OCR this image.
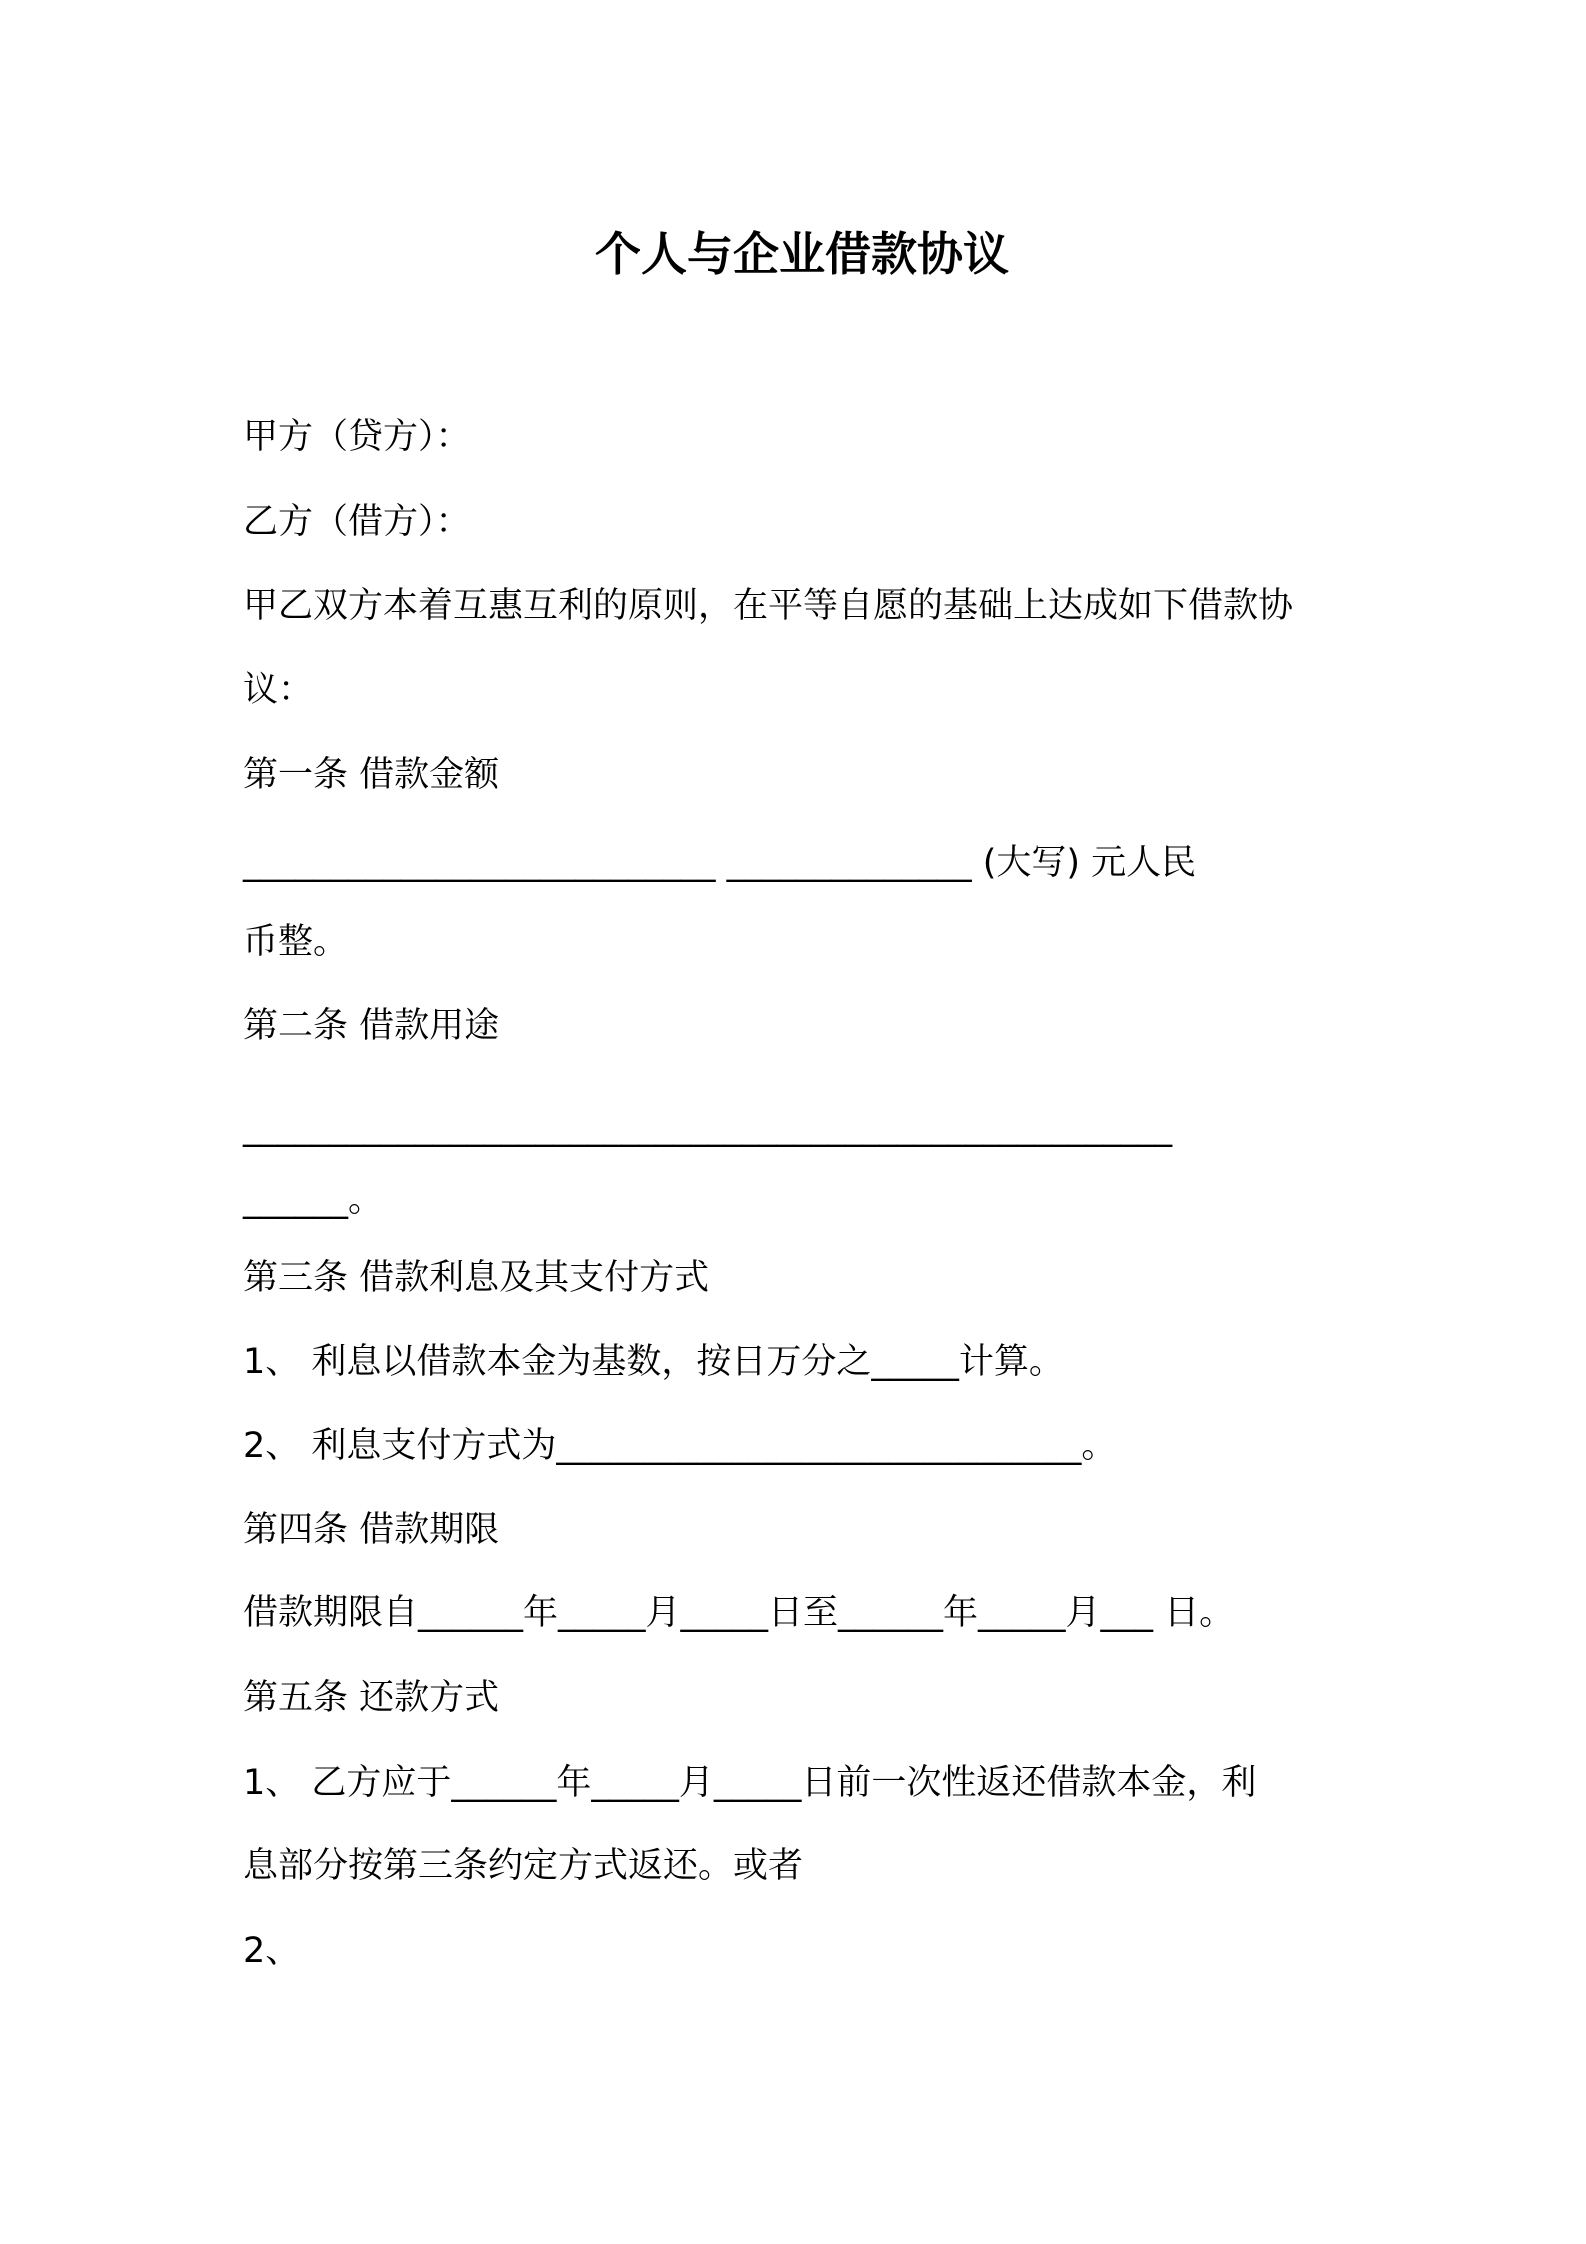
个人与企业借款协议
甲方（贷方）：
乙方（借方）：
甲乙双方本着互惠互利的原则，在平等自愿的基础上达成如下借款协
议：
第一条 借款金额
___________________________ ______________ (大写) 元人民
币整。
第二条 借款用途
______________________________________________________
______。
第三条 借款利息及其支付方式
1、 利息以借款本金为基数，按日万分之_____计算。
2、 利息支付方式为______________________________。
第四条 借款期限
借款期限自______年_____月_____日至______年_____月___ 日。
第五条 还款方式
1、 乙方应于______年_____月_____日前一次性返还借款本金，利
息部分按第三条约定方式返还。或者
2、
